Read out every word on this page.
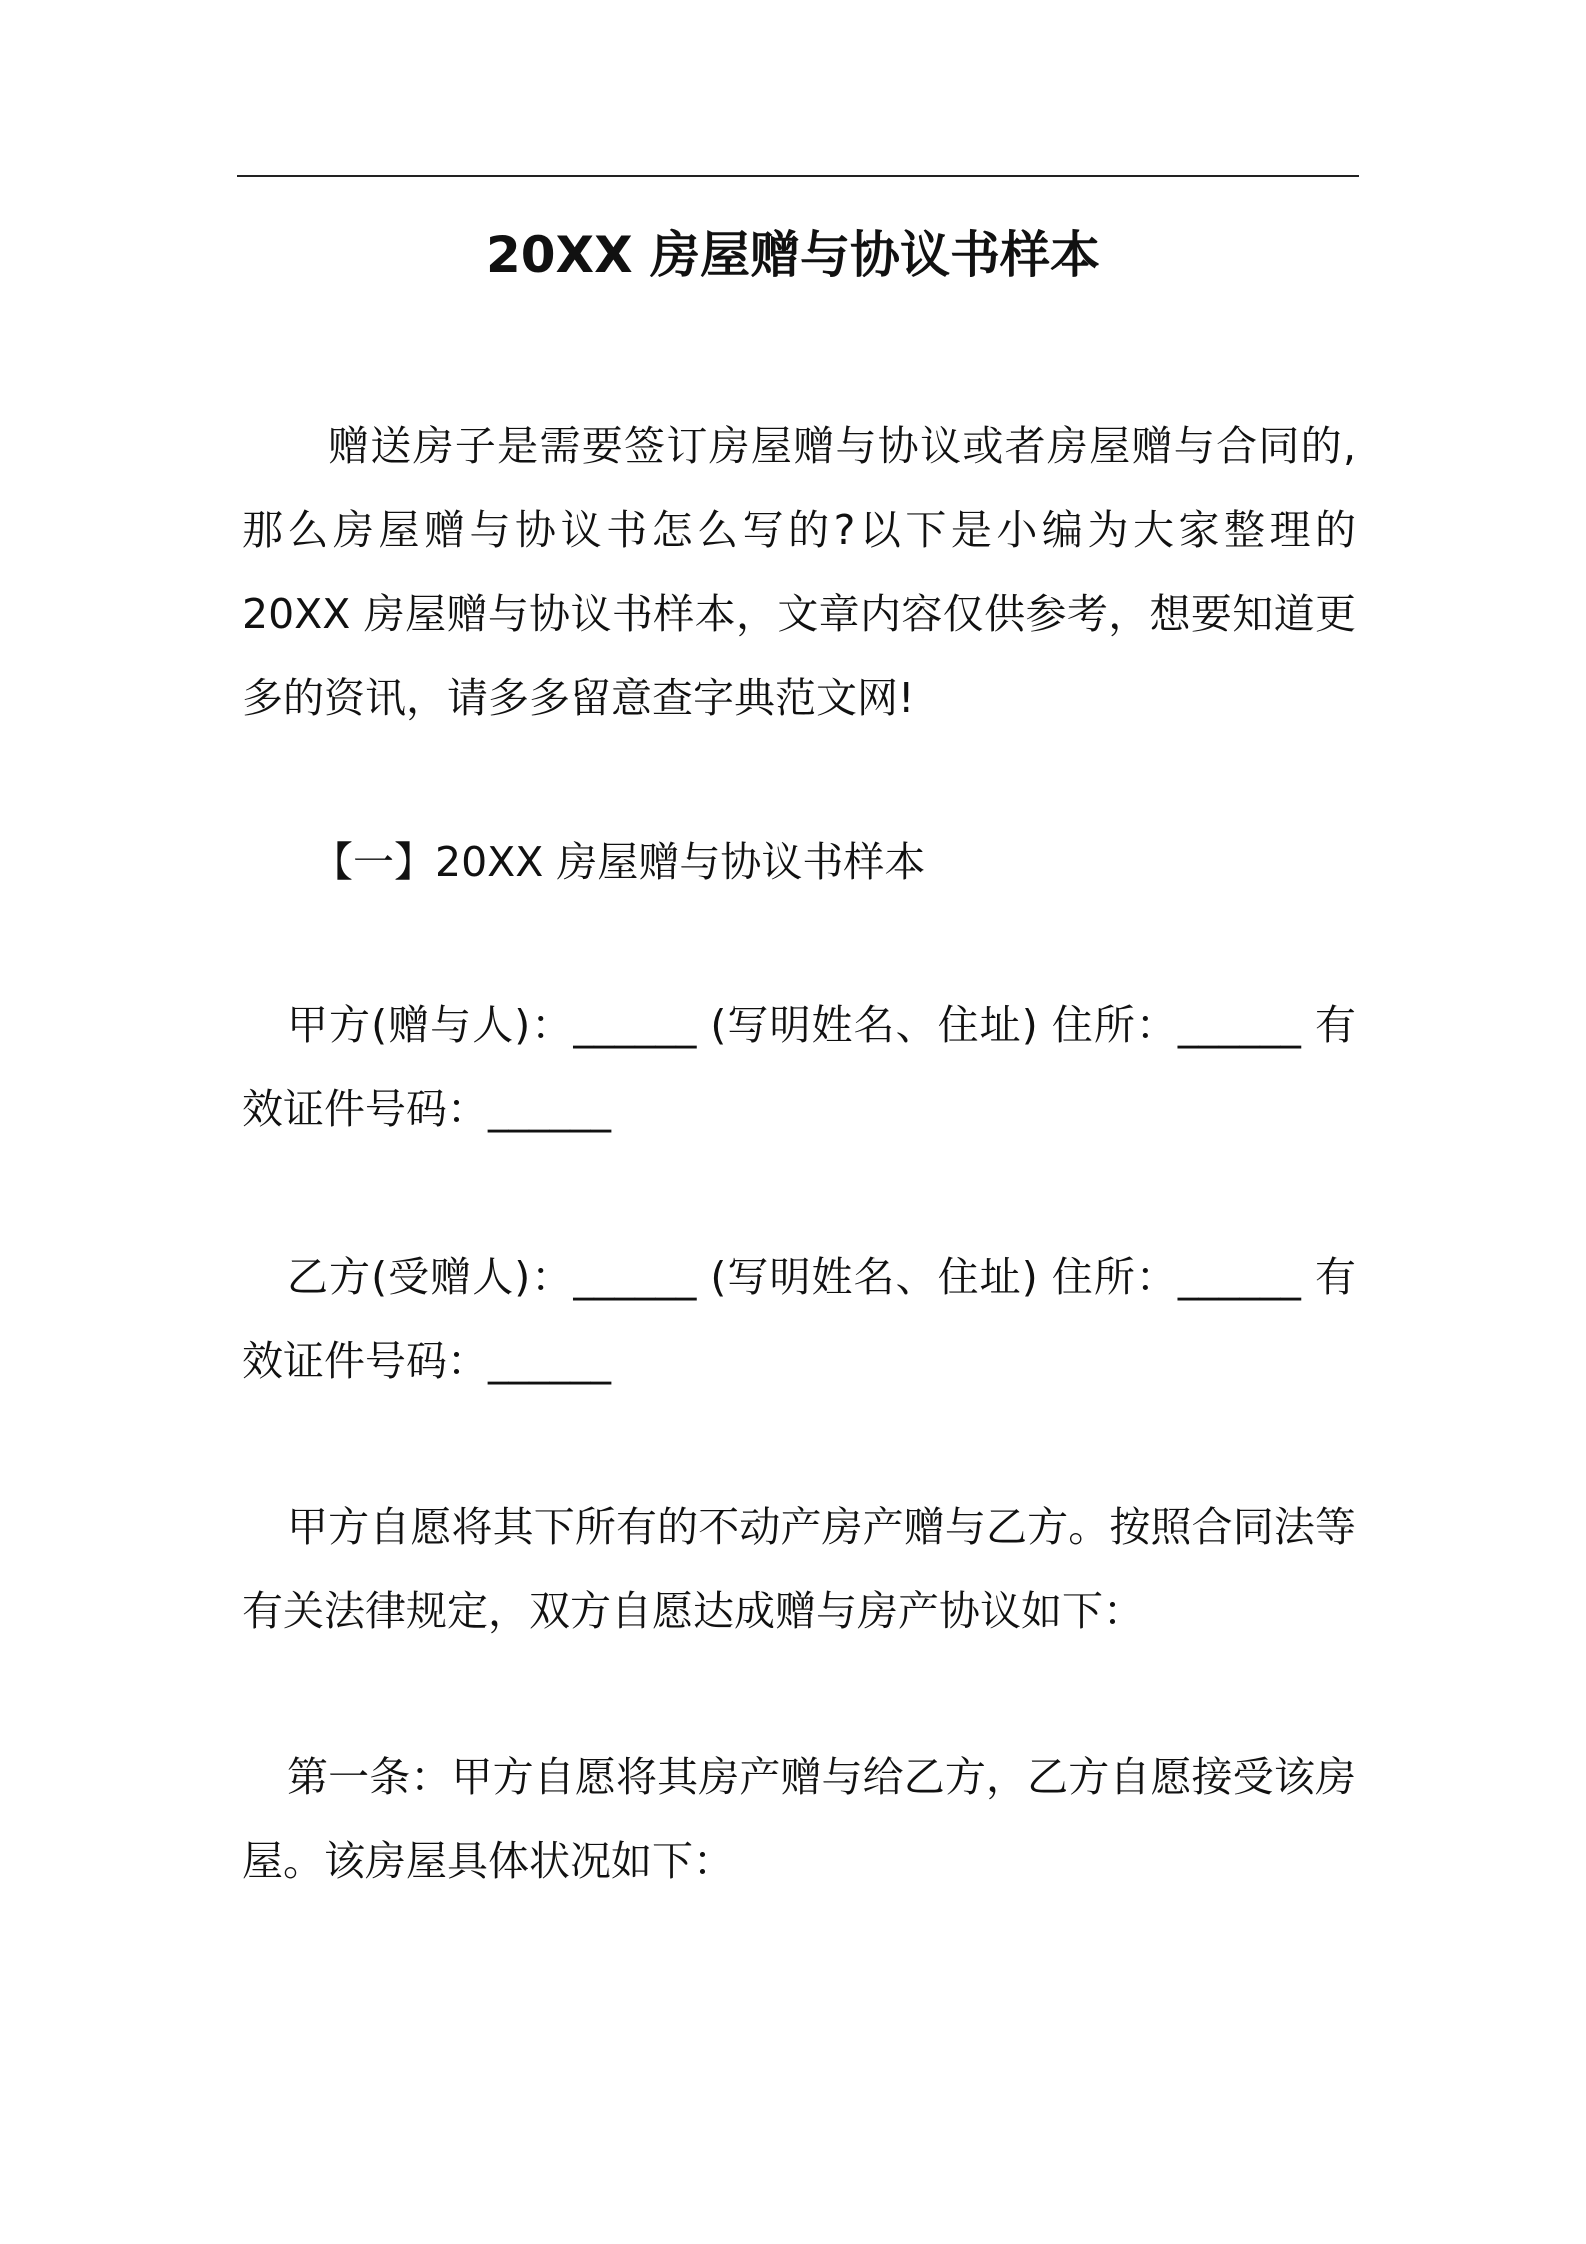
20XX 房屋赠与协议书样本

赠送房子是需要签订房屋赠与协议或者房屋赠与合同的,那么房屋赠与协议书怎么写的?以下是小编为大家整理的 20XX 房屋赠与协议书样本，文章内容仅供参考，想要知道更多的资讯，请多多留意查字典范文网!

【一】20XX 房屋赠与协议书样本

甲方(赠与人)：______ (写明姓名、住址) 住所：______ 有效证件号码：______

乙方(受赠人)：______ (写明姓名、住址) 住所：______ 有效证件号码：______

甲方自愿将其下所有的不动产房产赠与乙方。按照合同法等有关法律规定，双方自愿达成赠与房产协议如下：

第一条：甲方自愿将其房产赠与给乙方，乙方自愿接受该房屋。该房屋具体状况如下：
